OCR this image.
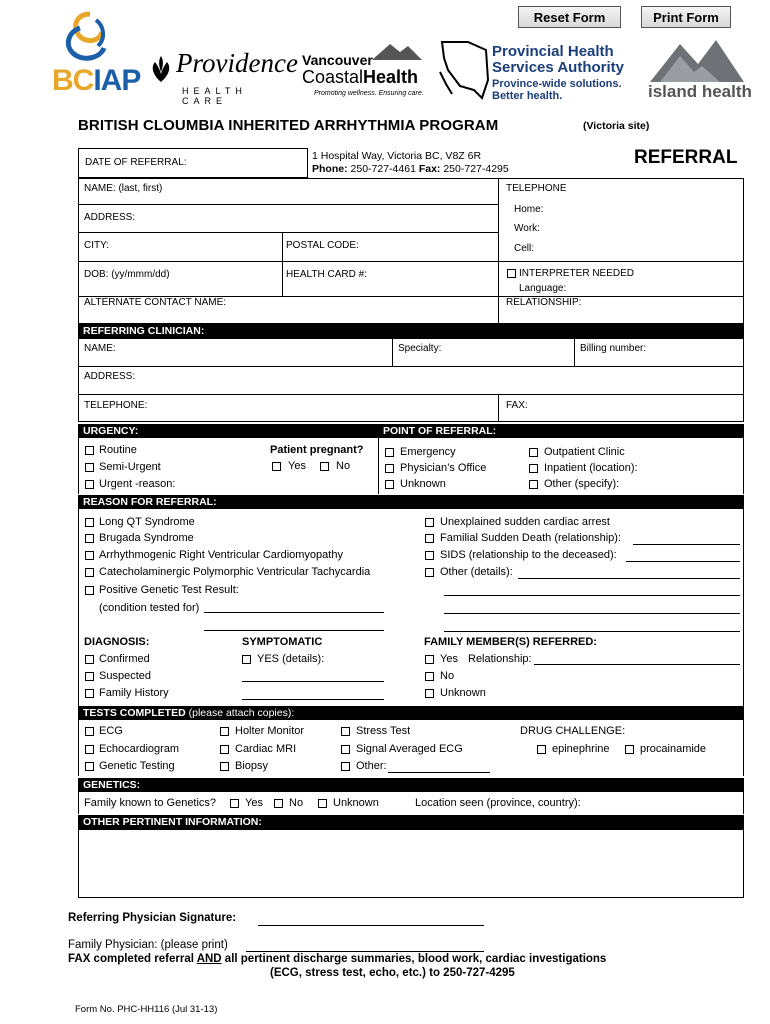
Reset Form	Print Form
BCIAP
Providence
HEALTH CARE
Vancouver
CoastalHealth
Promoting wellness. Ensuring care.
Provincial Health
Services Authority
Province-wide solutions.
Better health.	island health
BRITISH CLOUMBIA INHERITED ARRHYTHMIA PROGRAM	(Victoria site)
1 Hospital Way, Victoria BC, V8Z 6R
Phone: 250-727-4461 Fax: 250-727-4295
REFERRAL
DATE OF REFERRAL:
NAME: (last, first)	TELEPHONE
Home:
Work:
Cell:
ADDRESS:
CITY:	POSTAL CODE:
DOB: (yy/mmm/dd)	HEALTH CARD #:	INTERPRETER NEEDED
Language:
ALTERNATE CONTACT NAME:	RELATIONSHIP:
REFERRING CLINICIAN:
NAME:	Specialty:	Billing number:
ADDRESS:
TELEPHONE:	FAX:
URGENCY:	POINT OF REFERRAL:
Routine
Semi-Urgent
Urgent -reason:
Patient pregnant?
Yes	No
Emergency
Physician’s Office
Unknown
Outpatient Clinic
Inpatient (location):
Other (specify):
REASON FOR REFERRAL:
Long QT Syndrome
Brugada Syndrome
Arrhythmogenic Right Ventricular Cardiomyopathy
Catecholaminergic Polymorphic Ventricular Tachycardia
Positive Genetic Test Result:
(condition tested for)
Unexplained sudden cardiac arrest
Familial Sudden Death (relationship):
SIDS (relationship to the deceased):
Other (details):
DIAGNOSIS:
Confirmed
Suspected
Family History
SYMPTOMATIC
YES (details):
FAMILY MEMBER(S) REFERRED:
Yes Relationship:
No
Unknown
TESTS COMPLETED (please attach copies):
ECG
Echocardiogram
Genetic Testing
Holter Monitor
Cardiac MRI
Biopsy
Stress Test
Signal Averaged ECG
Other:
DRUG CHALLENGE:
epinephrine	procainamide
GENETICS:
Family known to Genetics?	Yes No	Unknown	Location seen (province, country):
OTHER PERTINENT INFORMATION:
Referring Physician Signature:
Family Physician: (please print)
FAX completed referral AND all pertinent discharge summaries, blood work, cardiac investigations
(ECG, stress test, echo, etc.) to 250-727-4295
Form No. PHC-HH116 (Jul 31-13)
